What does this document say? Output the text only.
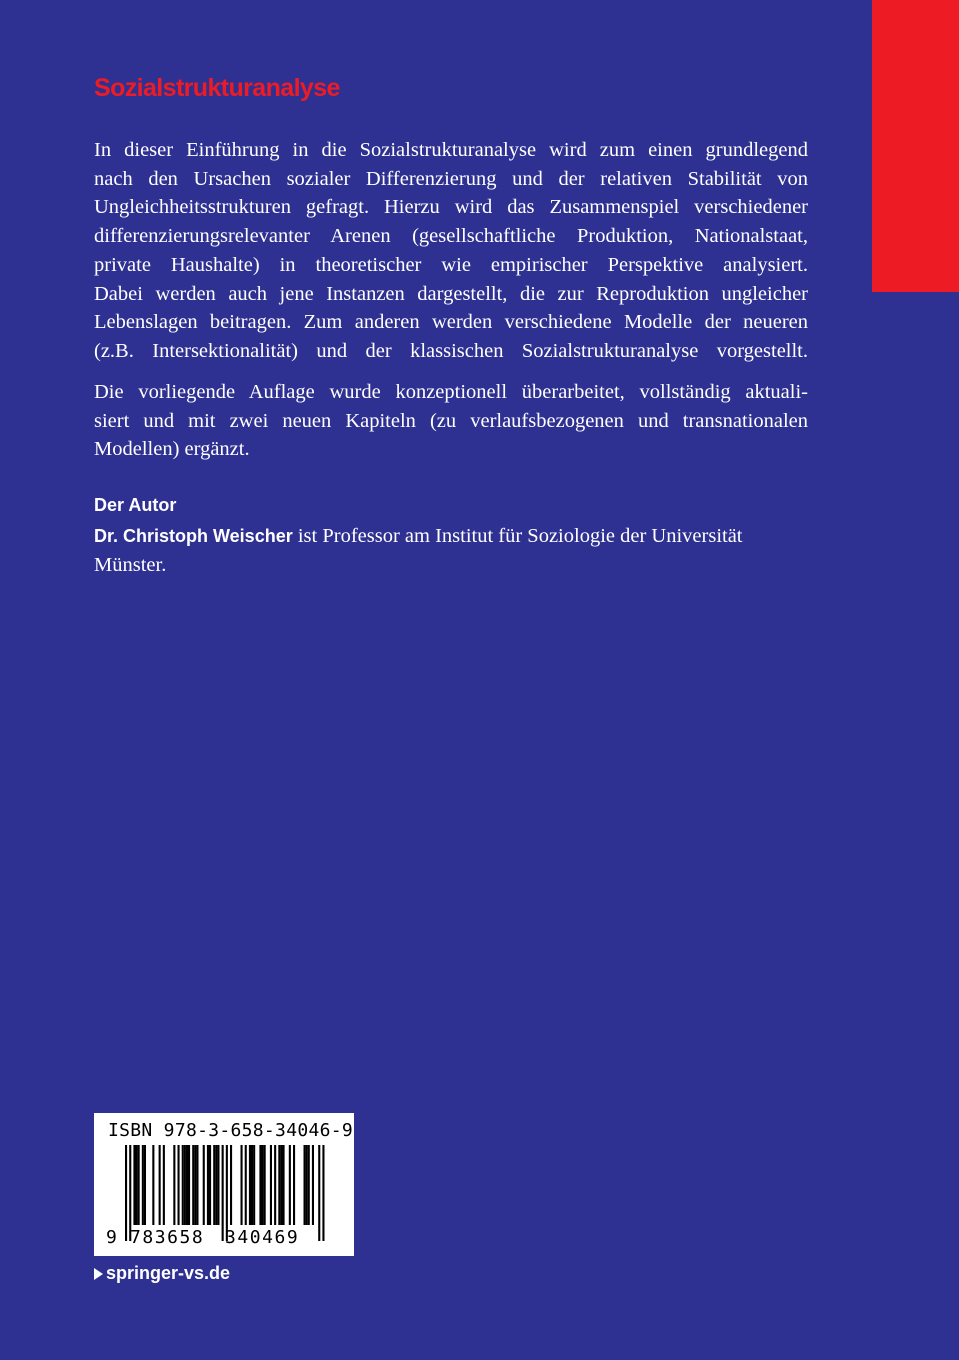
Sozialstrukturanalyse
In dieser Einführung in die Sozialstrukturanalyse wird zum einen grundlegend
nach den Ursachen sozialer Differenzierung und der relativen Stabilität von
Ungleichheitsstrukturen gefragt. Hierzu wird das Zusammenspiel verschiedener
differenzierungsrelevanter Arenen (gesellschaftliche Produktion, Nationalstaat,
private Haushalte) in theoretischer wie empirischer Perspektive analysiert.
Dabei werden auch jene Instanzen dargestellt, die zur Reproduktion ungleicher
Lebenslagen beitragen. Zum anderen werden verschiedene Modelle der neueren
(z.B. Intersektionalität) und der klassischen Sozialstrukturanalyse vorgestellt.
Die vorliegende Auflage wurde konzeptionell überarbeitet, vollständig aktuali-
siert und mit zwei neuen Kapiteln (zu verlaufsbezogenen und transnationalen
Modellen) ergänzt.
Der Autor
Dr. Christoph Weischer ist Professor am Institut für Soziologie der Universität
Münster.
ISBN 978-3-658-34046-9
9 783658 340469
springer-vs.de
